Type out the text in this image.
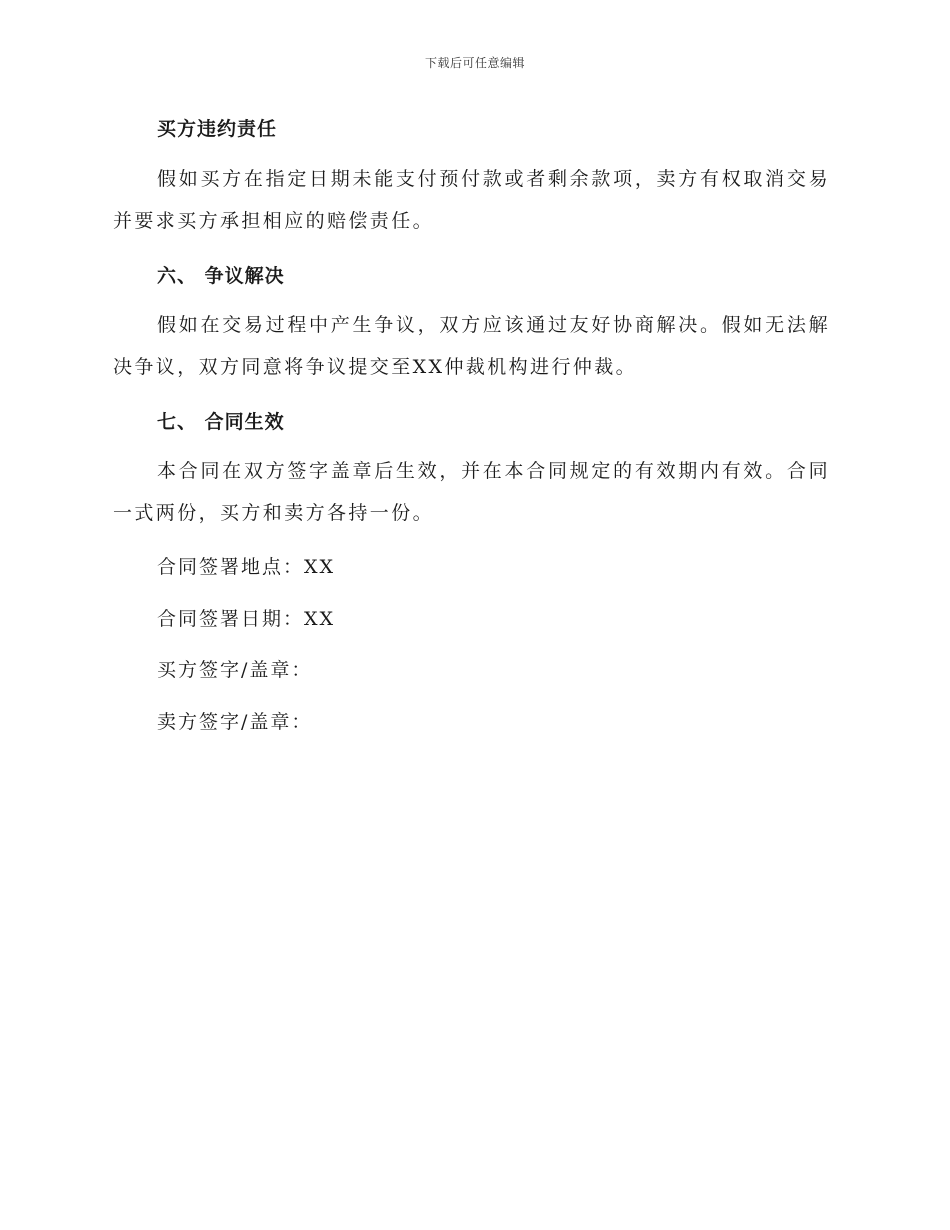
下载后可任意编辑
买方违约责任
假如买方在指定日期未能支付预付款或者剩余款项，卖方有权取消交易并要求买方承担相应的赔偿责任。
六、 争议解决
假如在交易过程中产生争议，双方应该通过友好协商解决。假如无法解决争议，双方同意将争议提交至XX仲裁机构进行仲裁。
七、 合同生效
本合同在双方签字盖章后生效，并在本合同规定的有效期内有效。合同一式两份，买方和卖方各持一份。
合同签署地点：XX
合同签署日期：XX
买方签字/盖章：
卖方签字/盖章：
